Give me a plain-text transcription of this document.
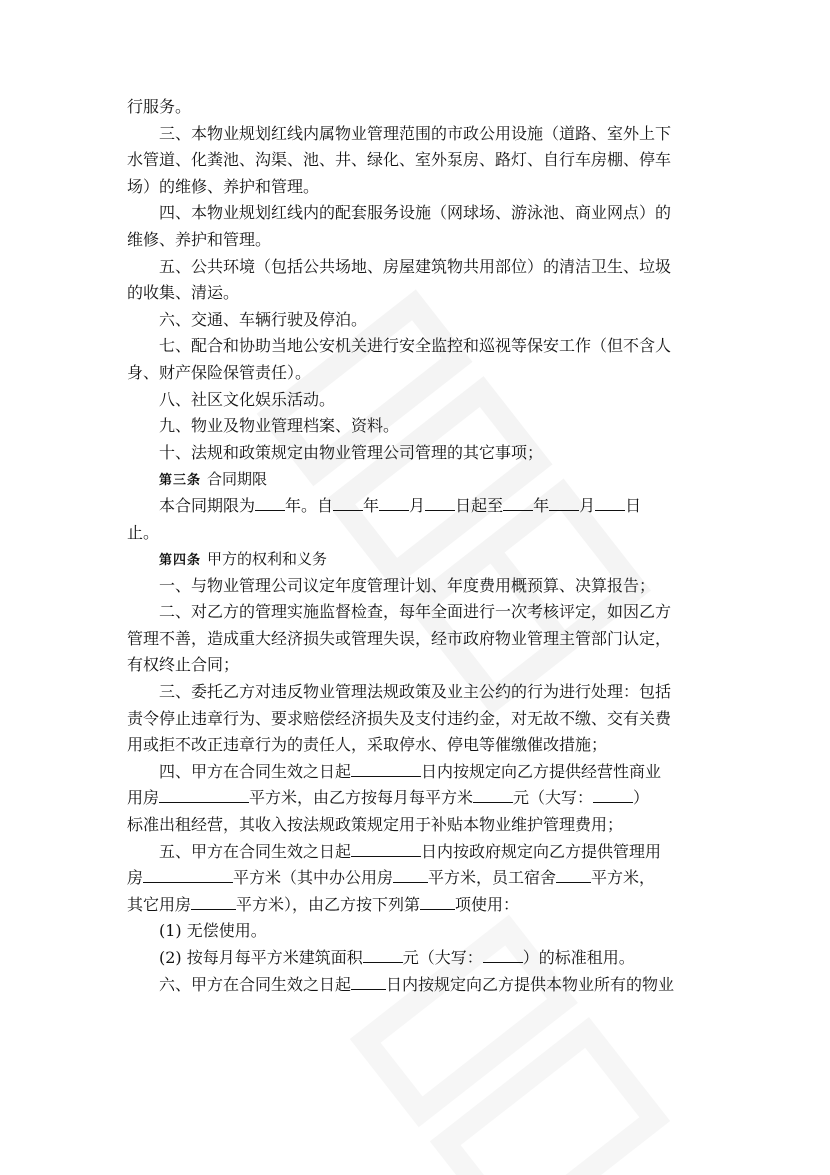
行服务。
三、本物业规划红线内属物业管理范围的市政公用设施（道路、室外上下
水管道、化粪池、沟渠、池、井、绿化、室外泵房、路灯、自行车房棚、停车
场）的维修、养护和管理。
四、本物业规划红线内的配套服务设施（网球场、游泳池、商业网点）的
维修、养护和管理。
五、公共环境（包括公共场地、房屋建筑物共用部位）的清洁卫生、垃圾
的收集、清运。
六、交通、车辆行驶及停泊。
七、配合和协助当地公安机关进行安全监控和巡视等保安工作（但不含人
身、财产保险保管责任）。
八、社区文化娱乐活动。
九、物业及物业管理档案、资料。
十、法规和政策规定由物业管理公司管理的其它事项；
第三条 合同期限
本合同期限为 年。自 年 月 日起至 年 月 日
止。
第四条 甲方的权利和义务
一、与物业管理公司议定年度管理计划、年度费用概预算、决算报告；
二、对乙方的管理实施监督检查，每年全面进行一次考核评定，如因乙方
管理不善，造成重大经济损失或管理失误，经市政府物业管理主管部门认定，
有权终止合同；
三、委托乙方对违反物业管理法规政策及业主公约的行为进行处理：包括
责令停止违章行为、要求赔偿经济损失及支付违约金，对无故不缴、交有关费
用或拒不改正违章行为的责任人，采取停水、停电等催缴催改措施；
四、甲方在合同生效之日起	日内按规定向乙方提供经营性商业
用房	平方米，由乙方按每月每平方米	元（大写：	）
标准出租经营，其收入按法规政策规定用于补贴本物业维护管理费用；
五、甲方在合同生效之日起	日内按政府规定向乙方提供管理用
房	平方米（其中办公用房 平方米，员工宿舍 平方米，
其它用房	平方米），由乙方按下列第 项使用：
(1) 无偿使用。
(2) 按每月每平方米建筑面积	元（大写：	）的标准租用。
六、甲方在合同生效之日起 日内按规定向乙方提供本物业所有的物业
